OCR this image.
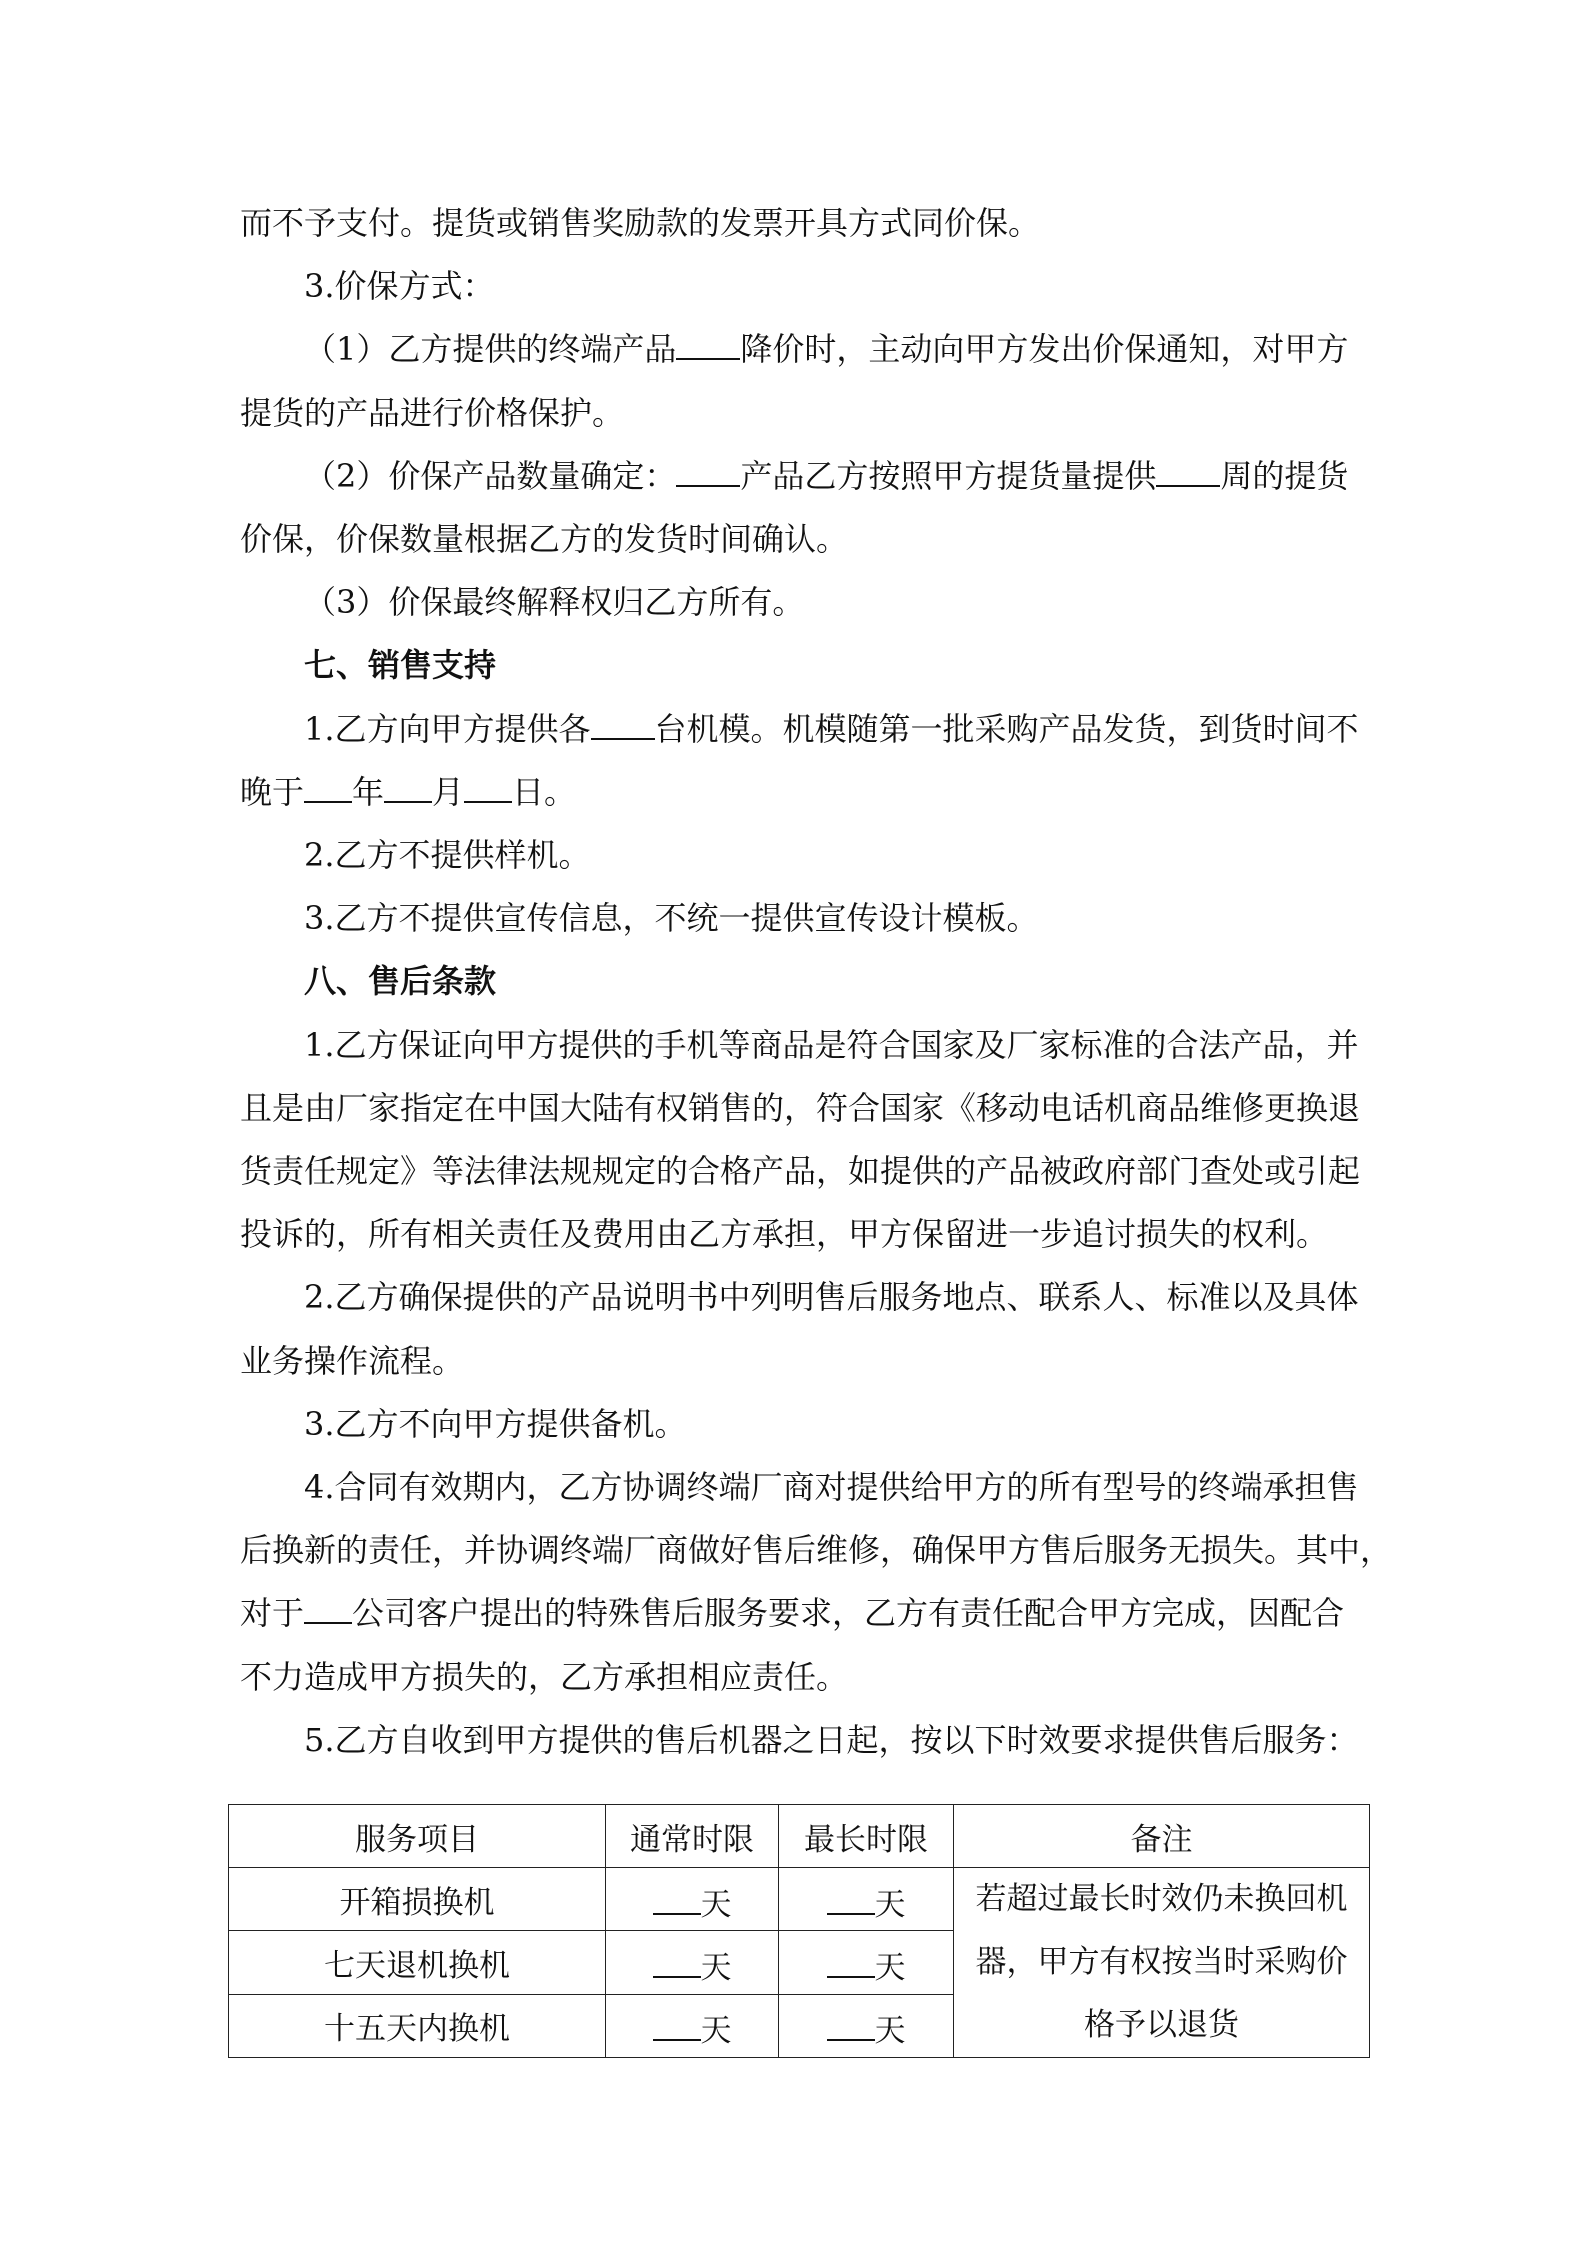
而不予支付。提货或销售奖励款的发票开具方式同价保。

3.价保方式：

（1）乙方提供的终端产品 降价时，主动向甲方发出价保通知，对甲方

提货的产品进行价格保护。

（2）价保产品数量确定： 产品乙方按照甲方提货量提供 周的提货

价保，价保数量根据乙方的发货时间确认。

（3）价保最终解释权归乙方所有。

七、销售支持

1.乙方向甲方提供各 台机模。机模随第一批采购产品发货，到货时间不

晚于 年 月 日。

2.乙方不提供样机。

3.乙方不提供宣传信息，不统一提供宣传设计模板。

八、售后条款

1.乙方保证向甲方提供的手机等商品是符合国家及厂家标准的合法产品，并

且是由厂家指定在中国大陆有权销售的，符合国家《移动电话机商品维修更换退

货责任规定》等法律法规规定的合格产品，如提供的产品被政府部门查处或引起

投诉的，所有相关责任及费用由乙方承担，甲方保留进一步追讨损失的权利。

2.乙方确保提供的产品说明书中列明售后服务地点、联系人、标准以及具体

业务操作流程。

3.乙方不向甲方提供备机。

4.合同有效期内，乙方协调终端厂商对提供给甲方的所有型号的终端承担售

后换新的责任，并协调终端厂商做好售后维修，确保甲方售后服务无损失。其中，

对于 公司客户提出的特殊售后服务要求，乙方有责任配合甲方完成，因配合

不力造成甲方损失的，乙方承担相应责任。

5.乙方自收到甲方提供的售后机器之日起，按以下时效要求提供售后服务：

服务项目	通常时限	最长时限	备注
开箱损换机	天	天	若超过最长时效仍未换回机
器，甲方有权按当时采购价
格予以退货

七天退机换机	天	天	
十五天内换机	天	天	
